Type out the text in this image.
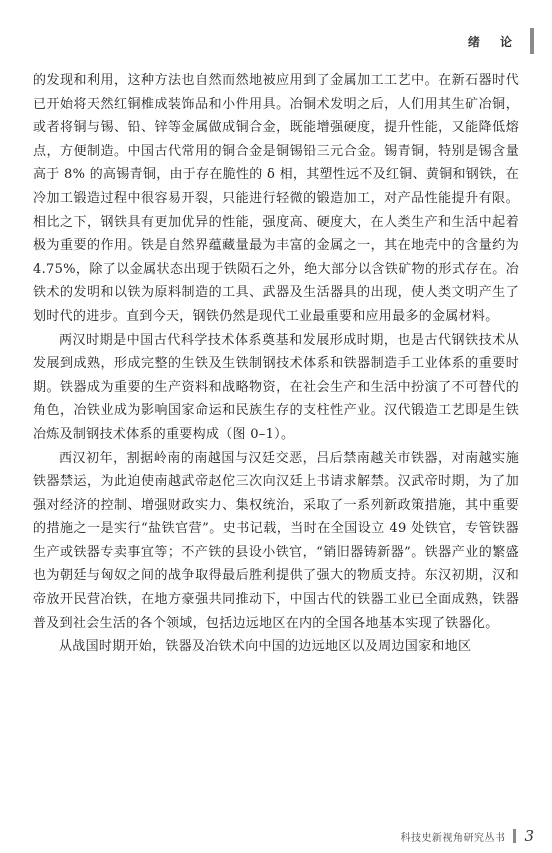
绪 论

的发现和利用，这种方法也自然而然地被应用到了金属加工工艺中。在新石器时代已开始将天然红铜椎成装饰品和小件用具。冶铜术发明之后，人们用其生矿冶铜，或者将铜与锡、铅、锌等金属做成铜合金，既能增强硬度，提升性能，又能降低熔点，方便制造。中国古代常用的铜合金是铜锡铅三元合金。锡青铜，特别是锡含量高于 8% 的高锡青铜，由于存在脆性的 δ 相，其塑性远不及红铜、黄铜和钢铁，在冷加工锻造过程中很容易开裂，只能进行轻微的锻造加工，对产品性能提升有限。相比之下，钢铁具有更加优异的性能，强度高、硬度大，在人类生产和生活中起着极为重要的作用。铁是自然界蕴藏量最为丰富的金属之一，其在地壳中的含量约为 4.75%，除了以金属状态出现于铁陨石之外，绝大部分以含铁矿物的形式存在。冶铁术的发明和以铁为原料制造的工具、武器及生活器具的出现，使人类文明产生了划时代的进步。直到今天，钢铁仍然是现代工业最重要和应用最多的金属材料。

两汉时期是中国古代科学技术体系奠基和发展形成时期，也是古代钢铁技术从发展到成熟，形成完整的生铁及生铁制钢技术体系和铁器制造手工业体系的重要时期。铁器成为重要的生产资料和战略物资，在社会生产和生活中扮演了不可替代的角色，冶铁业成为影响国家命运和民族生存的支柱性产业。汉代锻造工艺即是生铁冶炼及制钢技术体系的重要构成（图 0–1）。

西汉初年，割据岭南的南越国与汉廷交恶，吕后禁南越关市铁器，对南越实施铁器禁运，为此迫使南越武帝赵佗三次向汉廷上书请求解禁。汉武帝时期，为了加强对经济的控制、增强财政实力、集权统治，采取了一系列新政策措施，其中重要的措施之一是实行“盐铁官营”。史书记载，当时在全国设立 49 处铁官，专管铁器生产或铁器专卖事宜等；不产铁的县设小铁官，“销旧器铸新器”。铁器产业的繁盛也为朝廷与匈奴之间的战争取得最后胜利提供了强大的物质支持。东汉初期，汉和帝放开民营冶铁，在地方豪强共同推动下，中国古代的铁器工业已全面成熟，铁器普及到社会生活的各个领域，包括边远地区在内的全国各地基本实现了铁器化。

从战国时期开始，铁器及冶铁术向中国的边远地区以及周边国家和地区

科技史新视角研究丛书 3
